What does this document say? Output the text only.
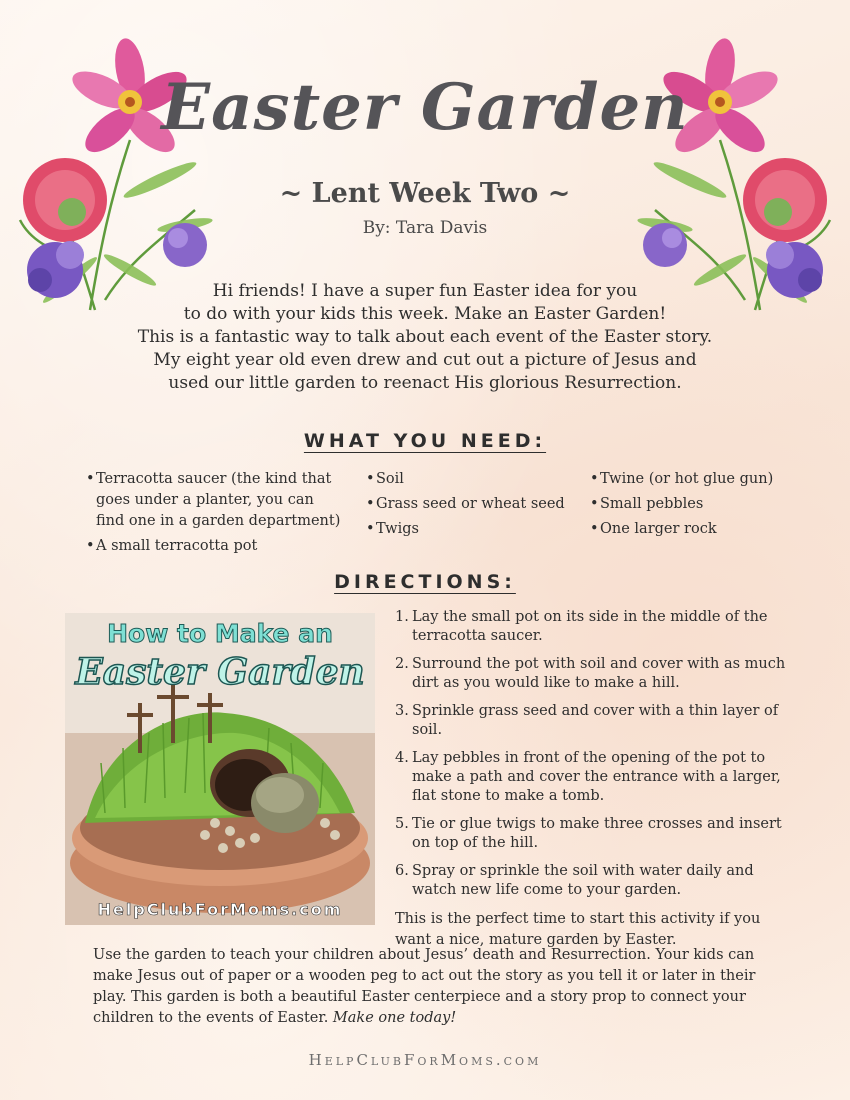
Easter Garden
~ Lent Week Two ~
By: Tara Davis
Hi friends! I have a super fun Easter idea for you
to do with your kids this week. Make an Easter Garden!
This is a fantastic way to talk about each event of the Easter story.
My eight year old even drew and cut out a picture of Jesus and
used our little garden to reenact His glorious Resurrection.
WHAT YOU NEED:
• Terracotta saucer (the kind that goes under a planter, you can find one in a garden department)
• A small terracotta pot
• Soil
• Grass seed or wheat seed
• Twigs
• Twine (or hot glue gun)
• Small pebbles
• One larger rock
DIRECTIONS:
How to Make an
Easter Garden
HelpClubForMoms.com
1. Lay the small pot on its side in the middle of the terracotta saucer.
2. Surround the pot with soil and cover with as much dirt as you would like to make a hill.
3. Sprinkle grass seed and cover with a thin layer of soil.
4. Lay pebbles in front of the opening of the pot to make a path and cover the entrance with a larger, flat stone to make a tomb.
5. Tie or glue twigs to make three crosses and insert on top of the hill.
6. Spray or sprinkle the soil with water daily and watch new life come to your garden.

This is the perfect time to start this activity if you want a nice, mature garden by Easter.

Use the garden to teach your children about Jesus’ death and Resurrection. Your kids can make Jesus out of paper or a wooden peg to act out the story as you tell it or later in their play. This garden is both a beautiful Easter centerpiece and a story prop to connect your children to the events of Easter. Make one today!

HelpClubForMoms.com
